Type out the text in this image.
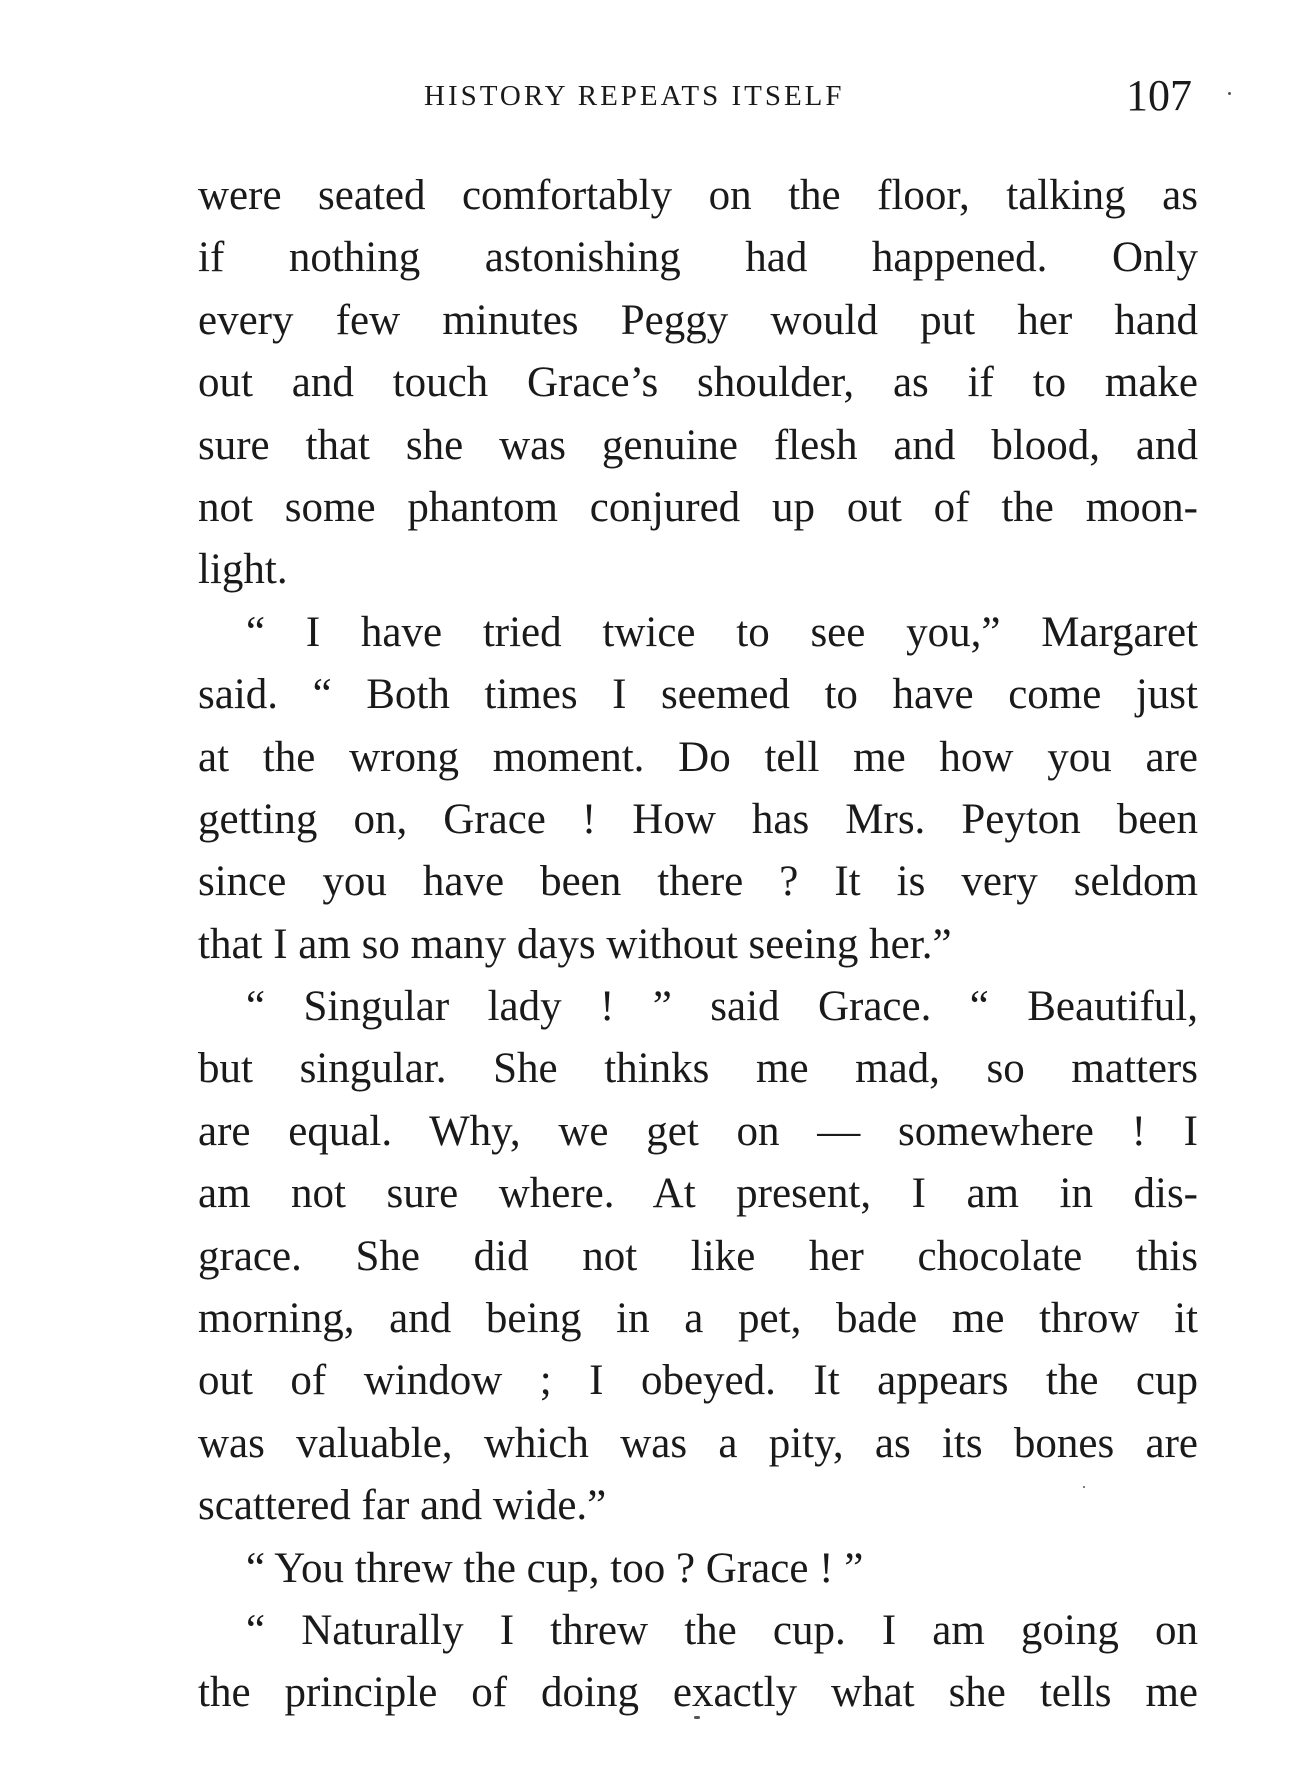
HISTORY REPEATS ITSELF	107
were seated comfortably on the floor, talking as
if nothing astonishing had happened. Only
every few minutes Peggy would put her hand
out and touch Grace’s shoulder, as if to make
sure that she was genuine flesh and blood, and
not some phantom conjured up out of the moon-
light.
“ I have tried twice to see you,” Margaret
said. “ Both times I seemed to have come just
at the wrong moment. Do tell me how you are
getting on, Grace ! How has Mrs. Peyton been
since you have been there ? It is very seldom
that I am so many days without seeing her.”
“ Singular lady ! ” said Grace. “ Beautiful,
but singular. She thinks me mad, so matters
are equal. Why, we get on — somewhere ! I
am not sure where. At present, I am in dis-
grace. She did not like her chocolate this
morning, and being in a pet, bade me throw it
out of window ; I obeyed. It appears the cup
was valuable, which was a pity, as its bones are
scattered far and wide.”
“ You threw the cup, too ? Grace ! ”
“ Naturally I threw the cup. I am going on
the principle of doing exactly what she tells me
